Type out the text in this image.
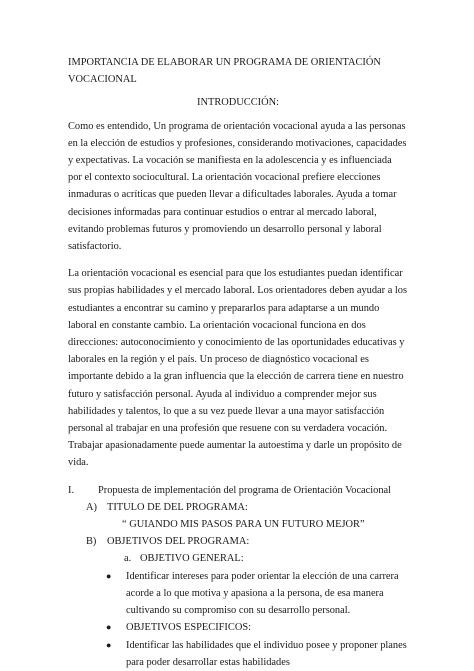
IMPORTANCIA DE ELABORAR UN PROGRAMA DE ORIENTACIÓN VOCACIONAL
INTRODUCCIÓN:

Como es entendido, Un programa de orientación vocacional ayuda a las personas en la elección de estudios y profesiones, considerando motivaciones, capacidades y expectativas. La vocación se manifiesta en la adolescencia y es influenciada por el contexto sociocultural. La orientación vocacional prefiere elecciones inmaduras o acríticas que pueden llevar a dificultades laborales. Ayuda a tomar decisiones informadas para continuar estudios o entrar al mercado laboral, evitando problemas futuros y promoviendo un desarrollo personal y laboral satisfactorio.

La orientación vocacional es esencial para que los estudiantes puedan identificar sus propias habilidades y el mercado laboral. Los orientadores deben ayudar a los estudiantes a encontrar su camino y prepararlos para adaptarse a un mundo laboral en constante cambio. La orientación vocacional funciona en dos direcciones: autoconocimiento y conocimiento de las oportunidades educativas y laborales en la región y el país. Un proceso de diagnóstico vocacional es importante debido a la gran influencia que la elección de carrera tiene en nuestro futuro y satisfacción personal. Ayuda al individuo a comprender mejor sus habilidades y talentos, lo que a su vez puede llevar a una mayor satisfacción personal al trabajar en una profesión que resuene con su verdadera vocación. Trabajar apasionadamente puede aumentar la autoestima y darle un propósito de vida.

I.	Propuesta de implementación del programa de Orientación Vocacional
A) TITULO DE DEL PROGRAMA:
“ GUIANDO MIS PASOS PARA UN FUTURO MEJOR”
B)	OBJETIVOS DEL PROGRAMA:
a. OBJETIVO GENERAL:
●	Identificar intereses para poder orientar la elección de una carrera acorde a lo que motiva y apasiona a la persona, de esa manera cultivando su compromiso con su desarrollo personal.
●	OBJETIVOS ESPECIFICOS:
●	Identificar las habilidades que el individuo posee y proponer planes para poder desarrollar estas habilidades
